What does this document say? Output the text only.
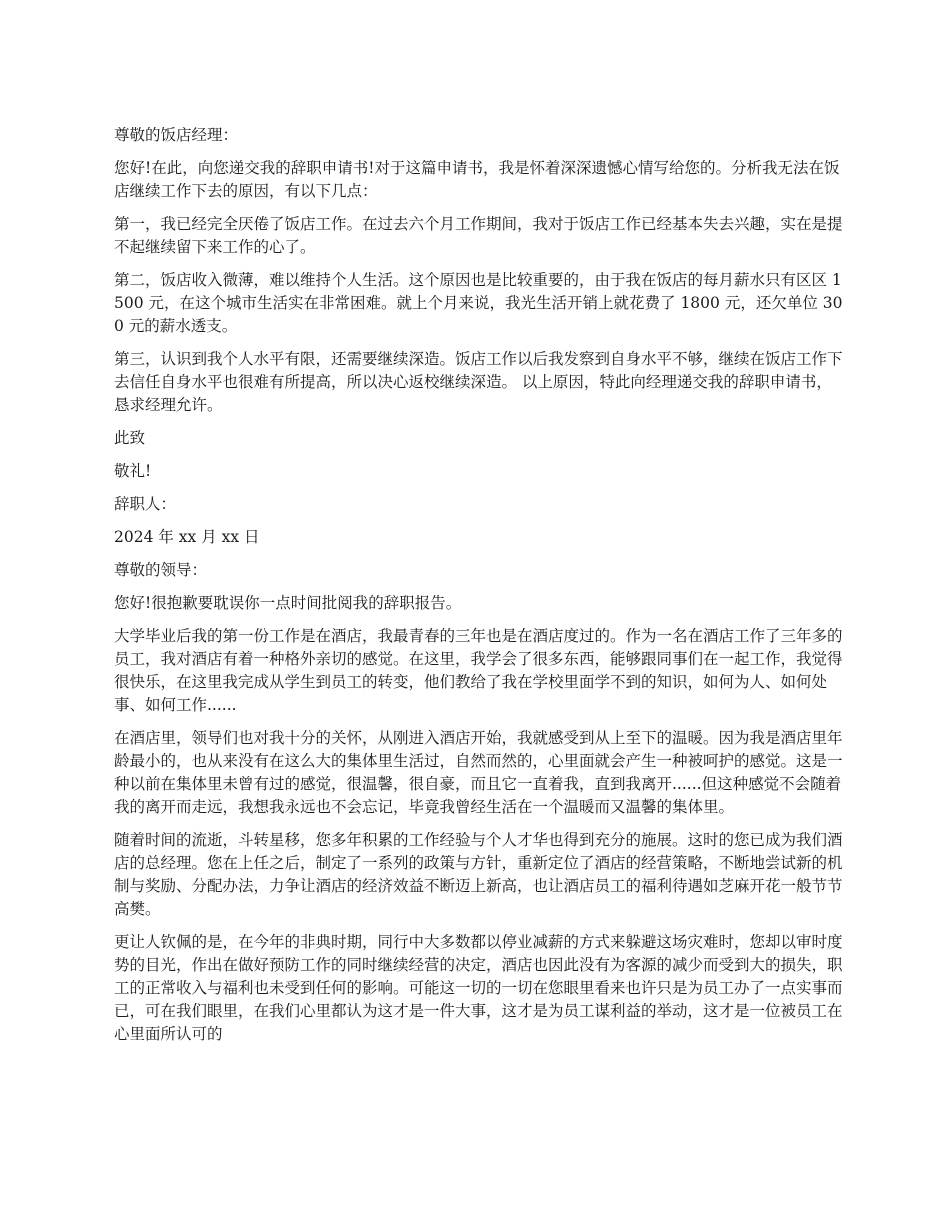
尊敬的饭店经理：

您好!在此，向您递交我的辞职申请书!对于这篇申请书，我是怀着深深遗憾心情写给您的。分析我无法在饭店继续工作下去的原因，有以下几点：

第一，我已经完全厌倦了饭店工作。在过去六个月工作期间，我对于饭店工作已经基本失去兴趣，实在是提不起继续留下来工作的心了。

第二，饭店收入微薄，难以维持个人生活。这个原因也是比较重要的，由于我在饭店的每月薪水只有区区 1500 元，在这个城市生活实在非常困难。就上个月来说，我光生活开销上就花费了 1800 元，还欠单位 300 元的薪水透支。

第三，认识到我个人水平有限，还需要继续深造。饭店工作以后我发察到自身水平不够，继续在饭店工作下去信任自身水平也很难有所提高，所以决心返校继续深造。 以上原因，特此向经理递交我的辞职申请书，恳求经理允许。

此致

敬礼!

辞职人：

2024 年 xx 月 xx 日

尊敬的领导：

您好!很抱歉要耽误你一点时间批阅我的辞职报告。

大学毕业后我的第一份工作是在酒店，我最青春的三年也是在酒店度过的。作为一名在酒店工作了三年多的员工，我对酒店有着一种格外亲切的感觉。在这里，我学会了很多东西，能够跟同事们在一起工作，我觉得很快乐，在这里我完成从学生到员工的转变，他们教给了我在学校里面学不到的知识，如何为人、如何处事、如何工作......

在酒店里，领导们也对我十分的关怀，从刚进入酒店开始，我就感受到从上至下的温暖。因为我是酒店里年龄最小的，也从来没有在这么大的集体里生活过，自然而然的，心里面就会产生一种被呵护的感觉。这是一种以前在集体里未曾有过的感觉，很温馨，很自豪，而且它一直着我，直到我离开......但这种感觉不会随着我的离开而走远，我想我永远也不会忘记，毕竟我曾经生活在一个温暖而又温馨的集体里。

随着时间的流逝，斗转星移，您多年积累的工作经验与个人才华也得到充分的施展。这时的您已成为我们酒店的总经理。您在上任之后，制定了一系列的政策与方针，重新定位了酒店的经营策略，不断地尝试新的机制与奖励、分配办法，力争让酒店的经济效益不断迈上新高，也让酒店员工的福利待遇如芝麻开花一般节节高樊。

更让人钦佩的是，在今年的非典时期，同行中大多数都以停业减薪的方式来躲避这场灾难时，您却以审时度势的目光，作出在做好预防工作的同时继续经营的决定，酒店也因此没有为客源的减少而受到大的损失，职工的正常收入与福利也未受到任何的影响。可能这一切的一切在您眼里看来也许只是为员工办了一点实事而已，可在我们眼里，在我们心里都认为这才是一件大事，这才是为员工谋利益的举动，这才是一位被员工在心里面所认可的
